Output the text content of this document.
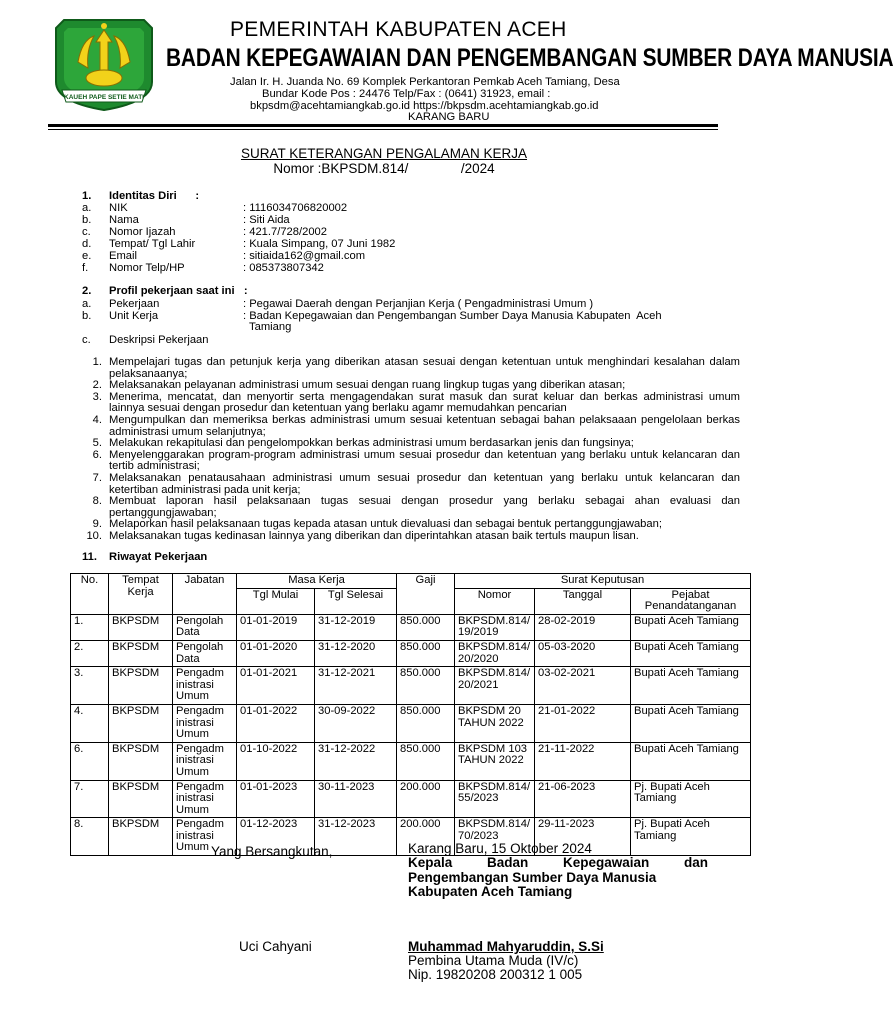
KAUEH PAPE SETIE MATI
PEMERINTAH KABUPATEN ACEH
BADAN KEPEGAWAIAN DAN PENGEMBANGAN SUMBER DAYA MANUSIA
Jalan Ir. H. Juanda No. 69 Komplek Perkantoran Pemkab Aceh Tamiang, Desa
Bundar Kode Pos : 24476 Telp/Fax : (0641) 31923, email :
bkpsdm@acehtamiangkab.go.id https://bkpsdm.acehtamiangkab.go.id
KARANG BARU
SURAT KETERANGAN PENGALAMAN KERJA
Nomor :BKPSDM.814/              /2024
1. Identitas Diri      :
a. NIK	: 1116034706820002
b. Nama	: Siti Aida
c. Nomor Ijazah	: 421.7/728/2002
d. Tempat/ Tgl Lahir	: Kuala Simpang, 07 Juni 1982
e. Email	: sitiaida162@gmail.com
f. Nomor Telp/HP	: 085373807342
2. Profil pekerjaan saat ini   :
a. Pekerjaan	: Pegawai Daerah dengan Perjanjian Kerja ( Pengadministrasi Umum )
b. Unit Kerja	: Badan Kepegawaian dan Pengembangan Sumber Daya Manusia Kabupaten  Aceh
Tamiang
c. Deskripsi Pekerjaan
1. Mempelajari tugas dan petunjuk kerja yang diberikan atasan sesuai dengan ketentuan untuk menghindari kesalahan dalam pelaksanaanya;
2. Melaksanakan pelayanan administrasi umum sesuai dengan ruang lingkup tugas yang diberikan atasan;
3. Menerima, mencatat, dan menyortir serta mengagendakan surat masuk dan surat keluar dan berkas administrasi umum lainnya sesuai dengan prosedur dan ketentuan yang berlaku agamr memudahkan pencarian
4. Mengumpulkan dan memeriksa berkas administrasi umum sesuai ketentuan sebagai bahan pelaksaaan pengelolaan berkas administrasi umum selanjutnya;
5. Melakukan rekapitulasi dan pengelompokkan berkas administrasi umum berdasarkan jenis dan fungsinya;
6. Menyelenggarakan program-program administrasi umum sesuai prosedur dan ketentuan yang berlaku untuk kelancaran dan tertib administrasi;
7. Melaksanakan penatausahaan administrasi umum sesuai prosedur dan ketentuan yang berlaku untuk kelancaran dan ketertiban administrasi pada unit kerja;
8. Membuat laporan hasil pelaksanaan tugas sesuai dengan prosedur yang berlaku sebagai ahan evaluasi dan pertanggungjawaban;
9. Melaporkan hasil pelaksanaan tugas kepada atasan untuk dievaluasi dan sebagai bentuk pertanggungjawaban;
10. Melaksanakan tugas kedinasan lainnya yang diberikan dan diperintahkan atasan baik tertuls maupun lisan.
11. Riwayat Pekerjaan
No.	Tempat Kerja	Jabatan	Masa Kerja		Gaji	Surat Keputusan		
			Tgl Mulai	Tgl Selesai		Nomor	Tanggal	Pejabat Penandatanganan
1.	BKPSDM	Pengolah Data	01-01-2019	31-12-2019	850.000	BKPSDM.814/ 19/2019	28-02-2019	Bupati Aceh Tamiang
2.	BKPSDM	Pengolah Data	01-01-2020	31-12-2020	850.000	BKPSDM.814/ 20/2020	05-03-2020	Bupati Aceh Tamiang
3.	BKPSDM	Pengadm inistrasi Umum	01-01-2021	31-12-2021	850.000	BKPSDM.814/ 20/2021	03-02-2021	Bupati Aceh Tamiang
4.	BKPSDM	Pengadm inistrasi Umum	01-01-2022	30-09-2022	850.000	BKPSDM 20 TAHUN 2022	21-01-2022	Bupati Aceh Tamiang
6.	BKPSDM	Pengadm inistrasi Umum	01-10-2022	31-12-2022	850.000	BKPSDM 103 TAHUN 2022	21-11-2022	Bupati Aceh Tamiang
7.	BKPSDM	Pengadm inistrasi Umum	01-01-2023	30-11-2023	200.000	BKPSDM.814/ 55/2023	21-06-2023	Pj. Bupati Aceh Tamiang
8.	BKPSDM	Pengadm inistrasi Umum	01-12-2023	31-12-2023	200.000	BKPSDM.814/ 70/2023	29-11-2023	Pj. Bupati Aceh Tamiang
Yang Bersangkutan,	Karang Baru, 15 Oktober 2024
Kepala    Badan    Kepegawaian    dan
Pengembangan Sumber Daya Manusia
Kabupaten Aceh Tamiang
Uci Cahyani	Muhammad Mahyaruddin, S.Si
Pembina Utama Muda (IV/c)
Nip. 19820208 200312 1 005
